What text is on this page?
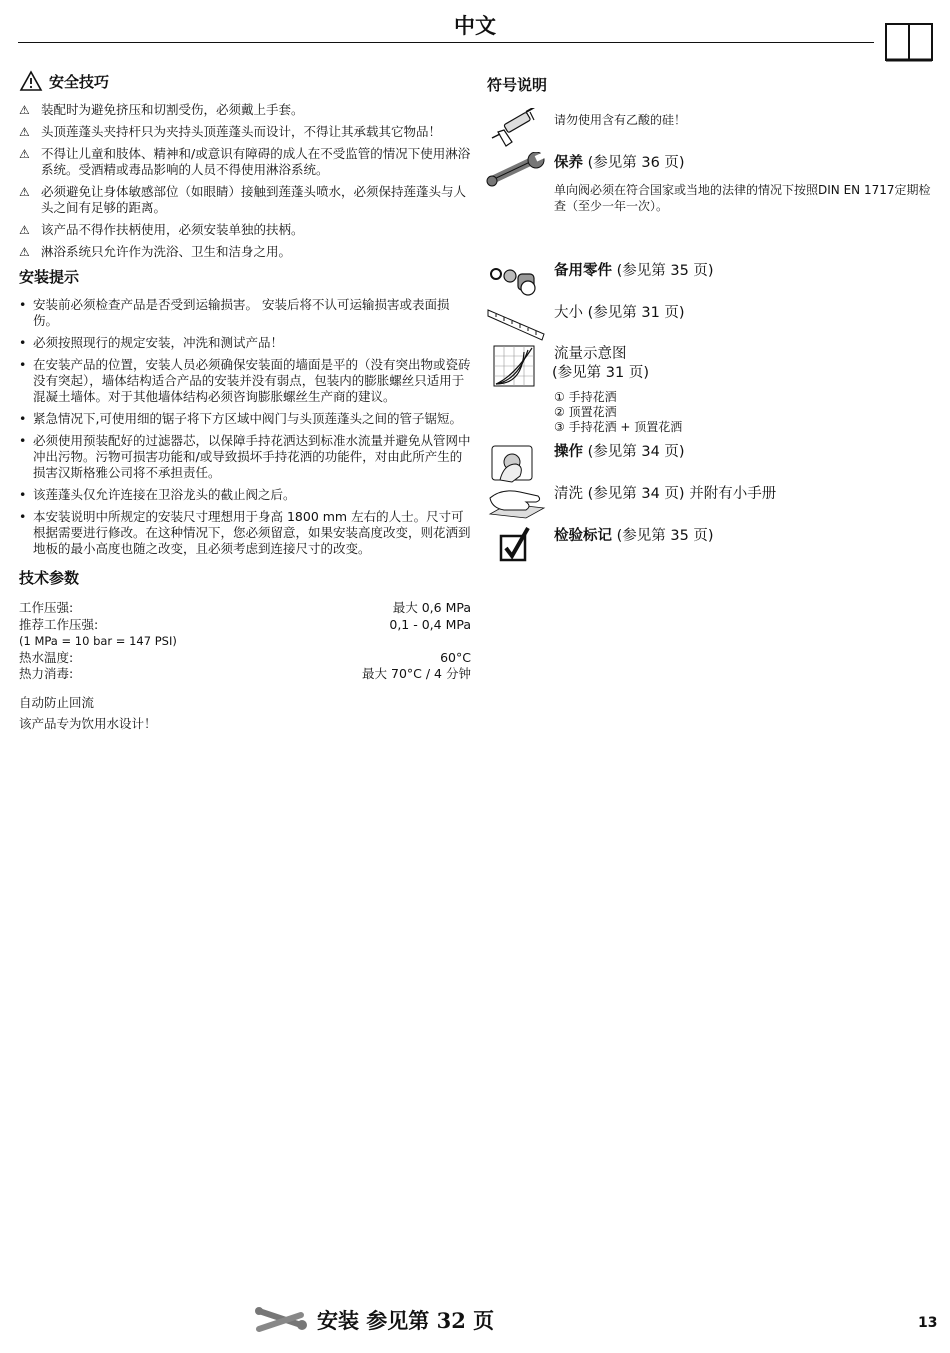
中文
安全技巧
⚠ 装配时为避免挤压和切割受伤，必须戴上手套。
⚠ 头顶莲蓬头夹持杆只为夹持头顶莲蓬头而设计，不得让其承载其它物品！
⚠ 不得让儿童和肢体、精神和/或意识有障碍的成人在不受监管的情况下使用淋浴系统。受酒精或毒品影响的人员不得使用淋浴系统。
⚠ 必须避免让身体敏感部位（如眼睛）接触到莲蓬头喷水，必须保持莲蓬头与人头之间有足够的距离。
⚠ 该产品不得作扶柄使用，必须安装单独的扶柄。
⚠ 淋浴系统只允许作为洗浴、卫生和洁身之用。
安装提示
• 安装前必须检查产品是否受到运输损害。 安装后将不认可运输损害或表面损伤。
• 必须按照现行的规定安装，冲洗和测试产品！
• 在安装产品的位置，安装人员必须确保安装面的墙面是平的（没有突出物或瓷砖没有突起），墙体结构适合产品的安装并没有弱点，包装内的膨胀螺丝只适用于混凝土墙体。对于其他墙体结构必须咨询膨胀螺丝生产商的建议。
• 紧急情况下,可使用细的锯子将下方区域中阀门与头顶莲蓬头之间的管子锯短。
• 必须使用预装配好的过滤器芯，以保障手持花洒达到标准水流量并避免从管网中冲出污物。污物可损害功能和/或导致损坏手持花洒的功能件，对由此所产生的损害汉斯格雅公司将不承担责任。
• 该莲蓬头仅允许连接在卫浴龙头的截止阀之后。
• 本安装说明中所规定的安装尺寸理想用于身高 1800 mm 左右的人士。尺寸可根据需要进行修改。在这种情况下，您必须留意，如果安装高度改变，则花洒到地板的最小高度也随之改变，且必须考虑到连接尺寸的改变。
技术参数
工作压强:	最大 0,6 MPa
推荐工作压强:	0,1 - 0,4 MPa
(1 MPa = 10 bar = 147 PSI)
热水温度:	60°C
热力消毒:	最大 70°C / 4 分钟
自动防止回流
该产品专为饮用水设计！
符号说明
请勿使用含有乙酸的硅！
保养 (参见第 36 页)
单向阀必须在符合国家或当地的法律的情况下按照DIN EN 1717定期检查（至少一年一次）。
备用零件 (参见第 35 页)
大小 (参见第 31 页)
流量示意图
(参见第 31 页)
① 手持花洒
② 顶置花洒
③ 手持花洒 + 顶置花洒
操作 (参见第 34 页)
清洗 (参见第 34 页) 并附有小手册
检验标记 (参见第 35 页)
安装 参见第 32 页	13
